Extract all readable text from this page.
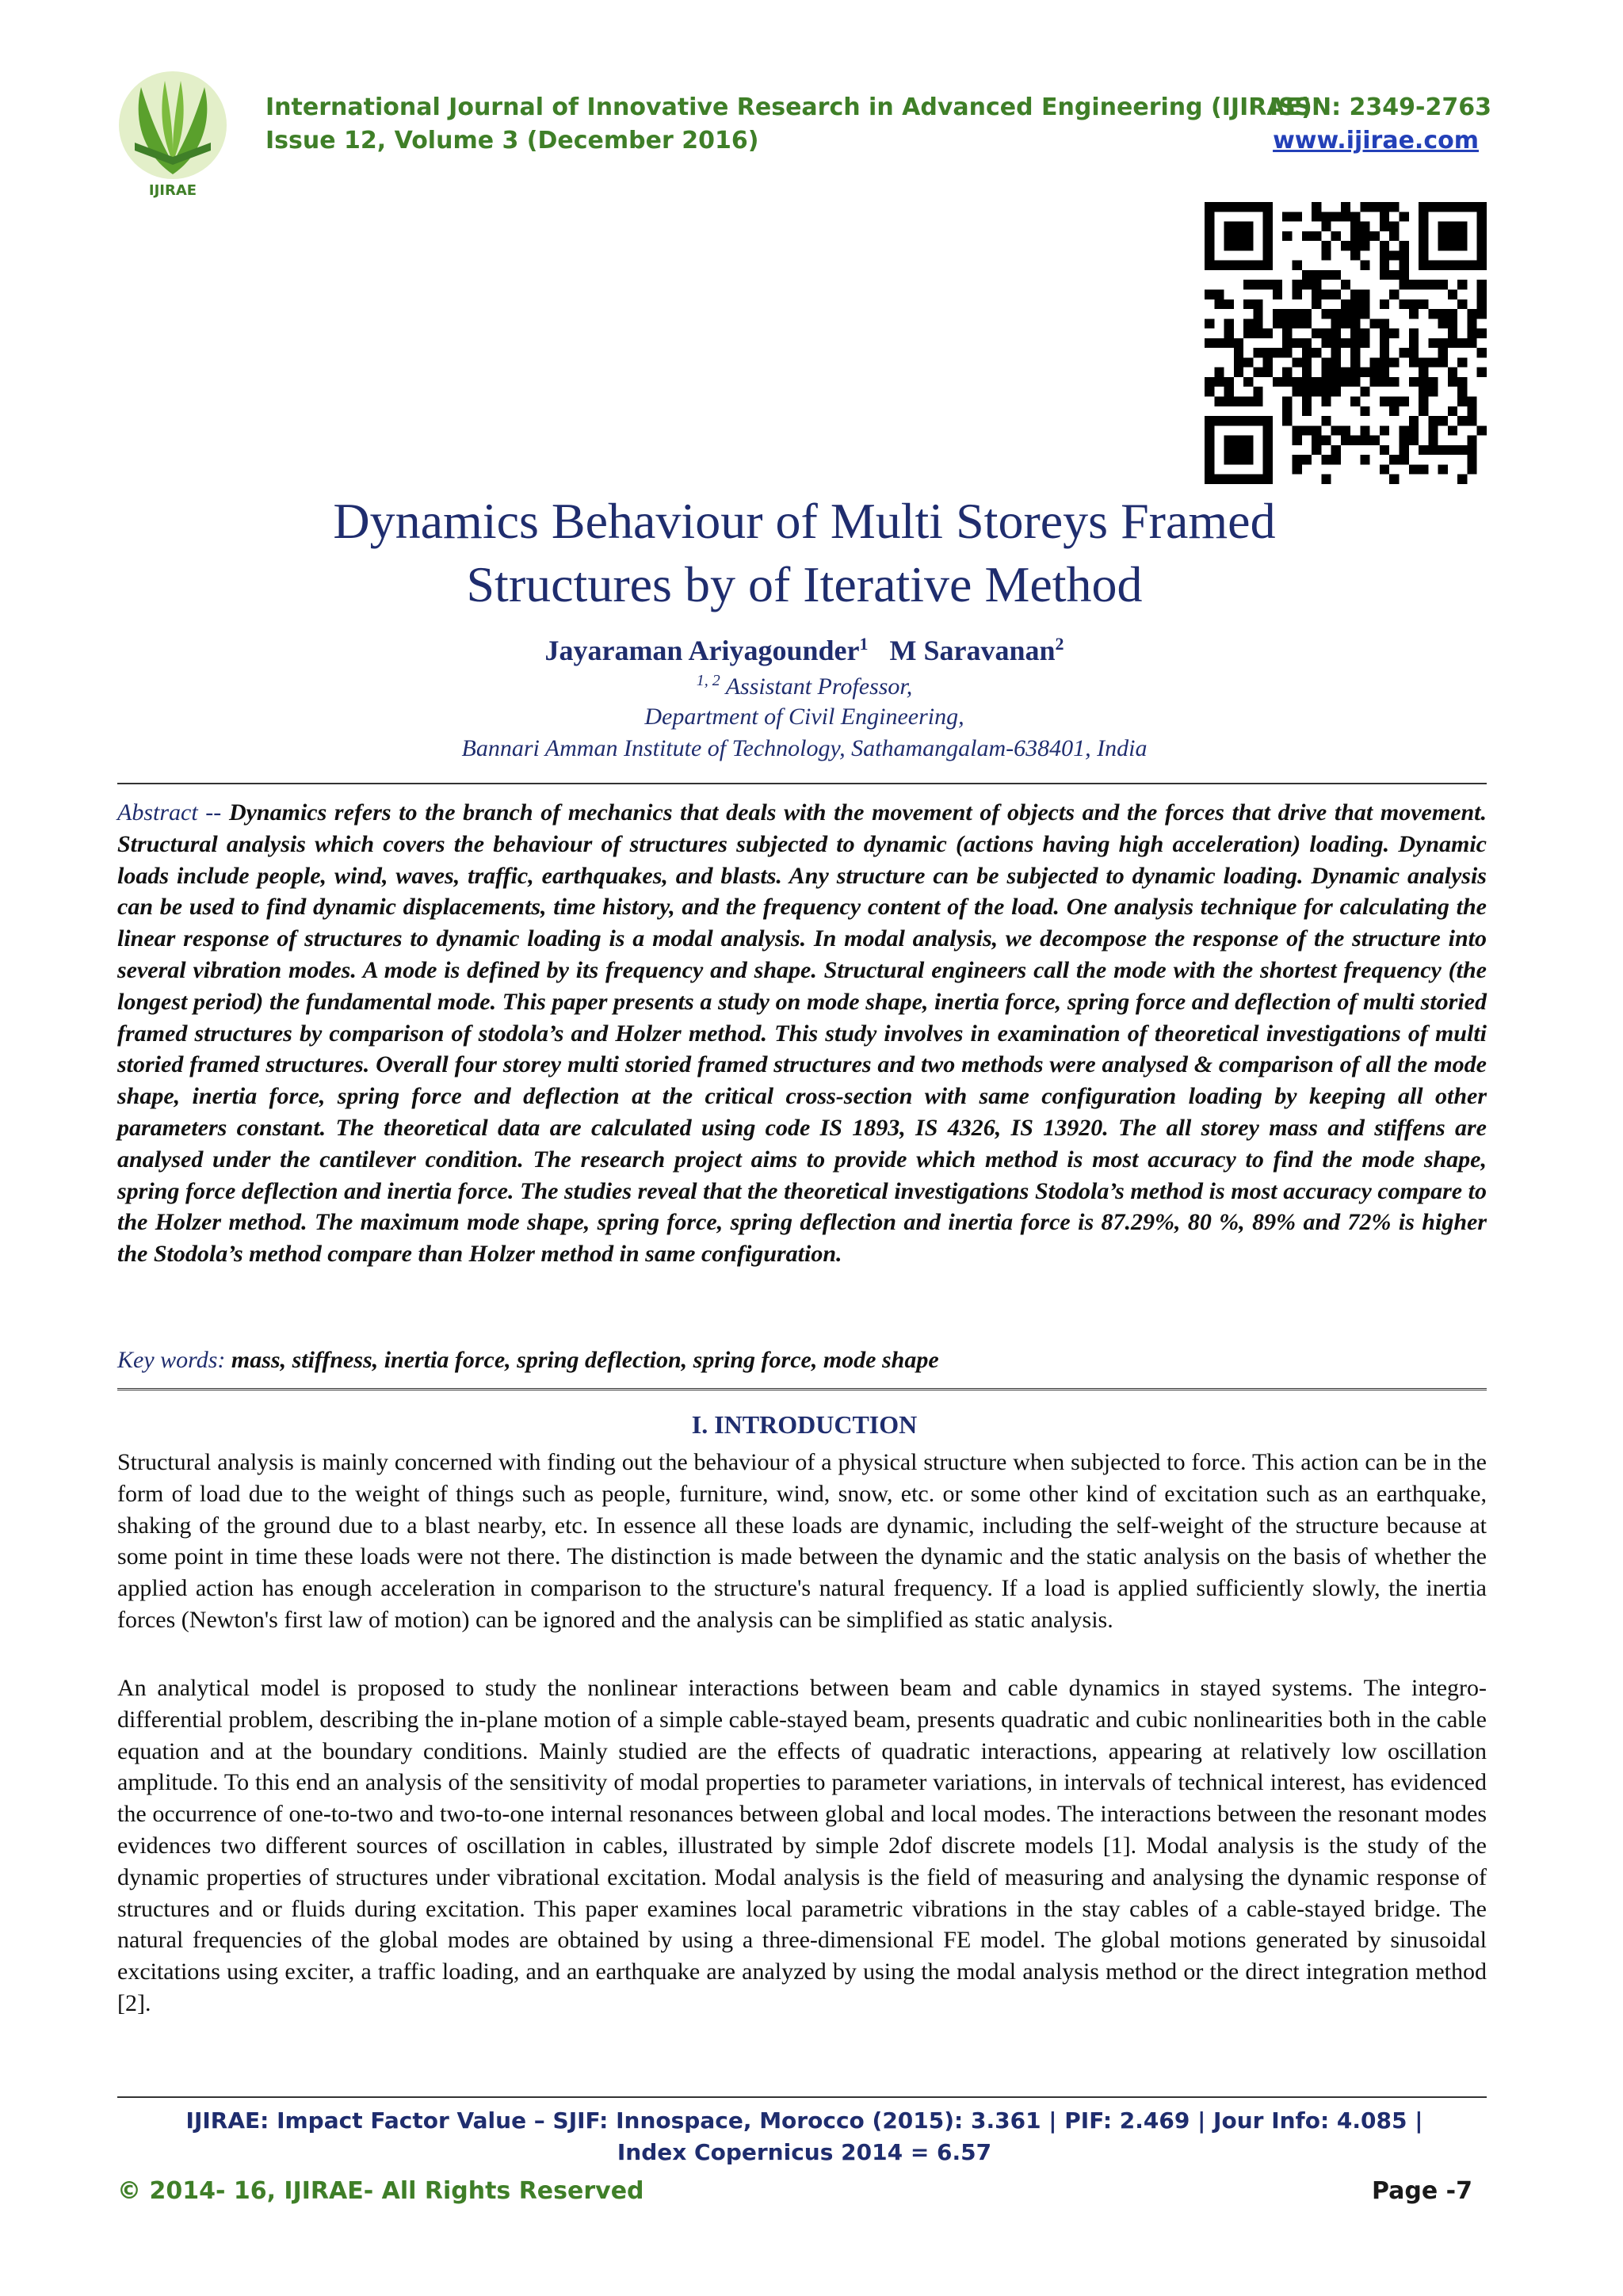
IJIRAE
International Journal of Innovative Research in Advanced Engineering (IJIRAE)
Issue 12, Volume 3 (December 2016)
ISSN: 2349-2763
www.ijirae.com
Dynamics Behaviour of Multi Storeys Framed
Structures by of Iterative Method
Jayaraman Ariyagounder$^1$ M Saravanan$^2$
$^{1, 2}$ Assistant Professor,
Department of Civil Engineering,
Bannari Amman Institute of Technology, Sathamangalam-638401, India
Abstract -- Dynamics refers to the branch of mechanics that deals with the movement of objects and the forces that drive that movement. Structural analysis which covers the behaviour of structures subjected to dynamic (actions having high acceleration) loading. Dynamic loads include people, wind, waves, traffic, earthquakes, and blasts. Any structure can be subjected to dynamic loading. Dynamic analysis can be used to find dynamic displacements, time history, and the frequency content of the load. One analysis technique for calculating the linear response of structures to dynamic loading is a modal analysis. In modal analysis, we decompose the response of the structure into several vibration modes. A mode is defined by its frequency and shape. Structural engineers call the mode with the shortest frequency (the longest period) the fundamental mode. This paper presents a study on mode shape, inertia force, spring force and deflection of multi storied framed structures by comparison of stodola’s and Holzer method. This study involves in examination of theoretical investigations of multi storied framed structures. Overall four storey multi storied framed structures and two methods were analysed & comparison of all the mode shape, inertia force, spring force and deflection at the critical cross-section with same configuration loading by keeping all other parameters constant. The theoretical data are calculated using code IS 1893, IS 4326, IS 13920. The all storey mass and stiffens are analysed under the cantilever condition. The research project aims to provide which method is most accuracy to find the mode shape, spring force deflection and inertia force. The studies reveal that the theoretical investigations Stodola’s method is most accuracy compare to the Holzer method. The maximum mode shape, spring force, spring deflection and inertia force is 87.29%, 80 %, 89% and 72% is higher the Stodola’s method compare than Holzer method in same configuration.
Key words: mass, stiffness, inertia force, spring deflection, spring force, mode shape
I. INTRODUCTION
Structural analysis is mainly concerned with finding out the behaviour of a physical structure when subjected to force. This action can be in the form of load due to the weight of things such as people, furniture, wind, snow, etc. or some other kind of excitation such as an earthquake, shaking of the ground due to a blast nearby, etc. In essence all these loads are dynamic, including the self-weight of the structure because at some point in time these loads were not there. The distinction is made between the dynamic and the static analysis on the basis of whether the applied action has enough acceleration in comparison to the structure's natural frequency. If a load is applied sufficiently slowly, the inertia forces (Newton's first law of motion) can be ignored and the analysis can be simplified as static analysis.
An analytical model is proposed to study the nonlinear interactions between beam and cable dynamics in stayed systems. The integro-differential problem, describing the in-plane motion of a simple cable-stayed beam, presents quadratic and cubic nonlinearities both in the cable equation and at the boundary conditions. Mainly studied are the effects of quadratic interactions, appearing at relatively low oscillation amplitude. To this end an analysis of the sensitivity of modal properties to parameter variations, in intervals of technical interest, has evidenced the occurrence of one-to-two and two-to-one internal resonances between global and local modes. The interactions between the resonant modes evidences two different sources of oscillation in cables, illustrated by simple 2dof discrete models [1]. Modal analysis is the study of the dynamic properties of structures under vibrational excitation. Modal analysis is the field of measuring and analysing the dynamic response of structures and or fluids during excitation. This paper examines local parametric vibrations in the stay cables of a cable-stayed bridge. The natural frequencies of the global modes are obtained by using a three-dimensional FE model. The global motions generated by sinusoidal excitations using exciter, a traffic loading, and an earthquake are analyzed by using the modal analysis method or the direct integration method [2].
IJIRAE: Impact Factor Value – SJIF: Innospace, Morocco (2015): 3.361 | PIF: 2.469 | Jour Info: 4.085 |
Index Copernicus 2014 = 6.57
© 2014- 16, IJIRAE- All Rights Reserved	Page -7
